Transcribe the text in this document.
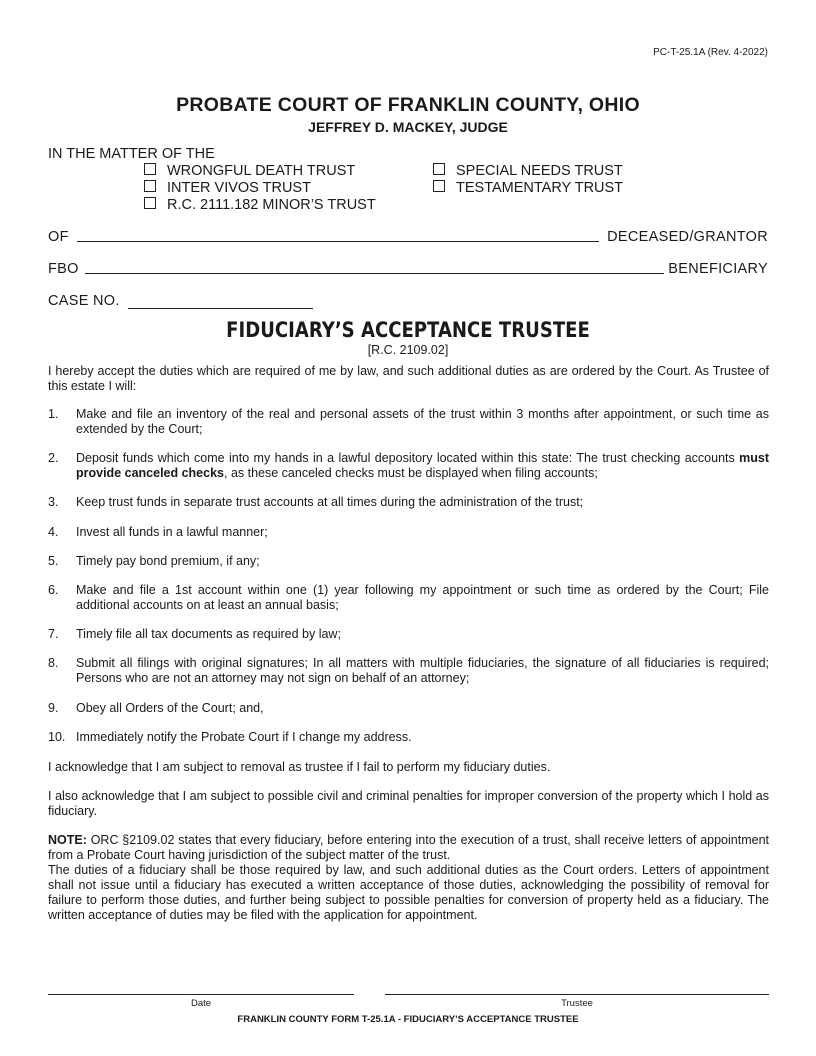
PC-T-25.1A (Rev. 4-2022)
PROBATE COURT OF FRANKLIN COUNTY, OHIO
JEFFREY D. MACKEY, JUDGE
IN THE MATTER OF THE
WRONGFUL DEATH TRUST
INTER VIVOS TRUST
R.C. 2111.182 MINOR’S TRUST
SPECIAL NEEDS TRUST
TESTAMENTARY TRUST
OF	DECEASED/GRANTOR
FBO	BENEFICIARY
CASE NO.
FIDUCIARY’S ACCEPTANCE TRUSTEE
[R.C. 2109.02]
I hereby accept the duties which are required of me by law, and such additional duties as are ordered by the Court. As Trustee of this estate I will:
1. Make and file an inventory of the real and personal assets of the trust within 3 months after appointment, or such time as extended by the Court;
2. Deposit funds which come into my hands in a lawful depository located within this state: The trust checking accounts must provide canceled checks, as these canceled checks must be displayed when filing accounts;
3. Keep trust funds in separate trust accounts at all times during the administration of the trust;
4. Invest all funds in a lawful manner;
5. Timely pay bond premium, if any;
6. Make and file a 1st account within one (1) year following my appointment or such time as ordered by the Court; File additional accounts on at least an annual basis;
7. Timely file all tax documents as required by law;
8. Submit all filings with original signatures; In all matters with multiple fiduciaries, the signature of all fiduciaries is required; Persons who are not an attorney may not sign on behalf of an attorney;
9. Obey all Orders of the Court; and,
10. Immediately notify the Probate Court if I change my address.
I acknowledge that I am subject to removal as trustee if I fail to perform my fiduciary duties.
I also acknowledge that I am subject to possible civil and criminal penalties for improper conversion of the property which I hold as fiduciary.
NOTE: ORC §2109.02 states that every fiduciary, before entering into the execution of a trust, shall receive letters of appointment from a Probate Court having jurisdiction of the subject matter of the trust.
The duties of a fiduciary shall be those required by law, and such additional duties as the Court orders. Letters of appointment shall not issue until a fiduciary has executed a written acceptance of those duties, acknowledging the possibility of removal for failure to perform those duties, and further being subject to possible penalties for conversion of property held as a fiduciary. The written acceptance of duties may be filed with the application for appointment.
Date	Trustee
FRANKLIN COUNTY FORM T-25.1A - FIDUCIARY’S ACCEPTANCE TRUSTEE
